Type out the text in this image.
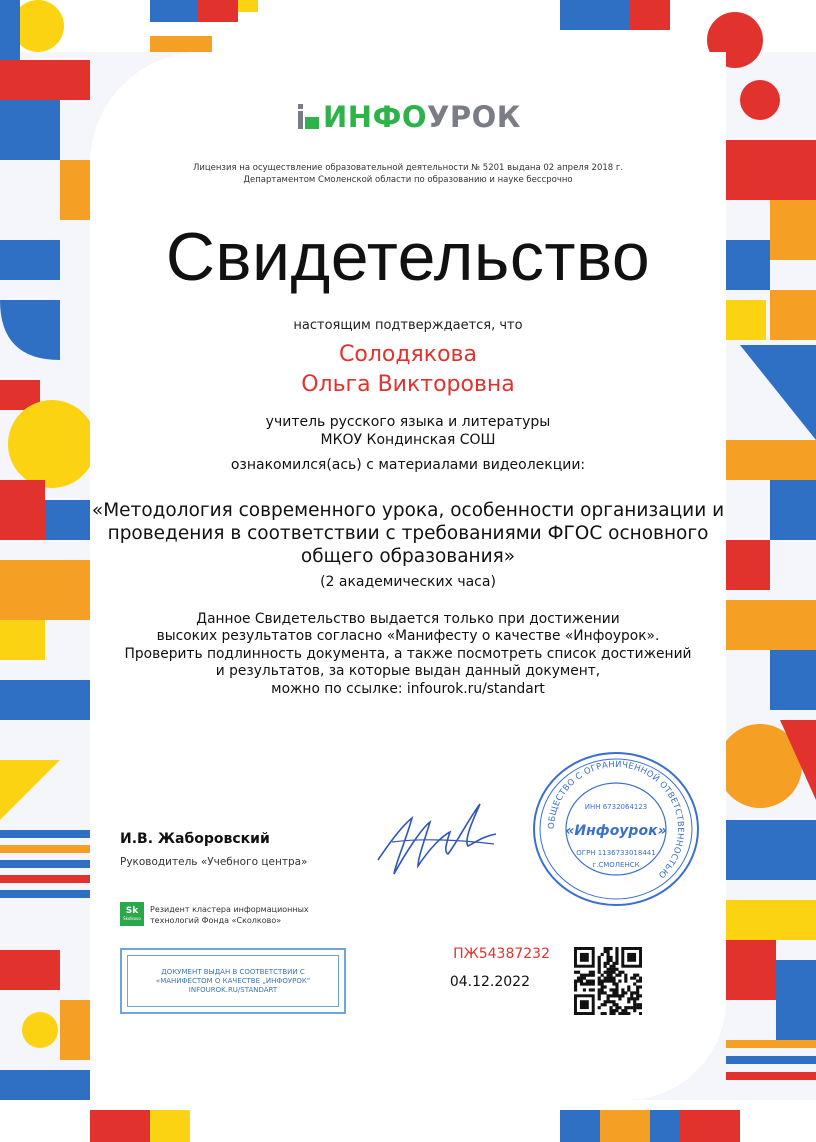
ИНФО УРОК
Лицензия на осуществление образовательной деятельности № 5201 выдана 02 апреля 2018 г.
Департаментом Смоленской области по образованию и науке бессрочно
Свидетельство
настоящим подтверждается, что
Солодякова
Ольга Викторовна
учитель русского языка и литературы
МКОУ Кондинская СОШ
ознакомился(ась) с материалами видеолекции:
«Методология современного урока, особенности организации и
проведения в соответствии с требованиями ФГОС основного
общего образования»
(2 академических часа)
Данное Свидетельство выдается только при достижении
высоких результатов согласно «Манифесту о качестве «Инфоурок».
Проверить подлинность документа, а также посмотреть список достижений
и результатов, за которые выдан данный документ,
можно по ссылке: infourok.ru/standart
И.В. Жаборовский
Руководитель «Учебного центра»
ОБЩЕСТВО С ОГРАНИЧЕННОЙ ОТВЕТСТВЕННОСТЬЮ
ИНН 6732064123
«Инфоурок»
ОГРН 1136733018441
г.СМОЛЕНСК
Sk
Skolkovo
Резидент кластера информационных
технологий Фонда «Сколково»
ДОКУМЕНТ ВЫДАН В СООТВЕТСТВИИ С
«МАНИФЕСТОМ О КАЧЕСТВЕ „ИНФОУРОК"
INFOUROK.RU/STANDART
ПЖ54387232
04.12.2022
